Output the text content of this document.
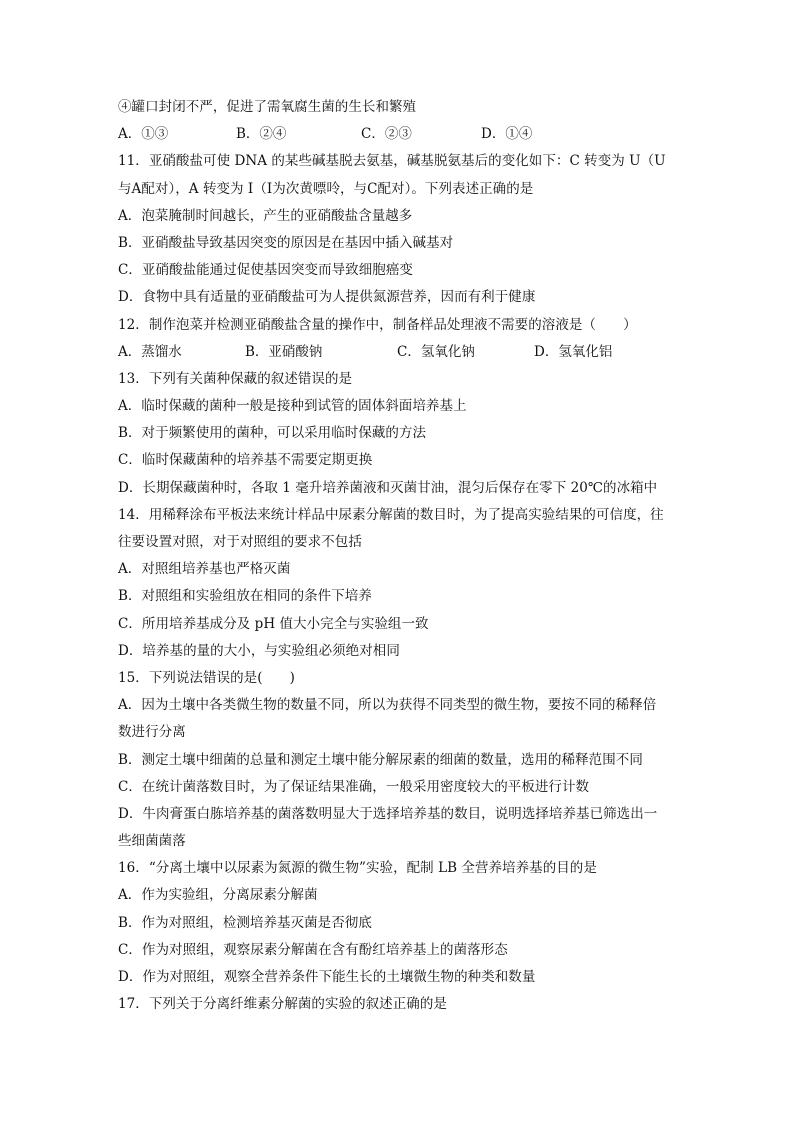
④罐口封闭不严，促进了需氧腐生菌的生长和繁殖
A．①③	B．②④	C．②③	D．①④
11．亚硝酸盐可使 DNA 的某些碱基脱去氨基，碱基脱氨基后的变化如下：C 转变为 U（U
与A配对），A 转变为 I（I为次黄嘌呤，与C配对）。下列表述正确的是
A．泡菜腌制时间越长，产生的亚硝酸盐含量越多
B．亚硝酸盐导致基因突变的原因是在基因中插入碱基对
C．亚硝酸盐能通过促使基因突变而导致细胞癌变
D．食物中具有适量的亚硝酸盐可为人提供氮源营养，因而有利于健康
12．制作泡菜并检测亚硝酸盐含量的操作中，制备样品处理液不需要的溶液是（　　）
A．蒸馏水	B．亚硝酸钠	C．氢氧化钠	D．氢氧化铝
13．下列有关菌种保藏的叙述错误的是
A．临时保藏的菌种一般是接种到试管的固体斜面培养基上
B．对于频繁使用的菌种，可以采用临时保藏的方法
C．临时保藏菌种的培养基不需要定期更换
D．长期保藏菌种时，各取 1 毫升培养菌液和灭菌甘油，混匀后保存在零下 20℃的冰箱中
14．用稀释涂布平板法来统计样品中尿素分解菌的数目时，为了提高实验结果的可信度，往
往要设置对照，对于对照组的要求不包括
A．对照组培养基也严格灭菌
B．对照组和实验组放在相同的条件下培养
C．所用培养基成分及 pH 值大小完全与实验组一致
D．培养基的量的大小，与实验组必须绝对相同
15．下列说法错误的是(　　)
A．因为土壤中各类微生物的数量不同，所以为获得不同类型的微生物，要按不同的稀释倍
数进行分离
B．测定土壤中细菌的总量和测定土壤中能分解尿素的细菌的数量，选用的稀释范围不同
C．在统计菌落数目时，为了保证结果准确，一般采用密度较大的平板进行计数
D．牛肉膏蛋白胨培养基的菌落数明显大于选择培养基的数目，说明选择培养基已筛选出一
些细菌菌落
16．“分离土壤中以尿素为氮源的微生物”实验，配制 LB 全营养培养基的目的是
A．作为实验组，分离尿素分解菌
B．作为对照组，检测培养基灭菌是否彻底
C．作为对照组，观察尿素分解菌在含有酚红培养基上的菌落形态
D．作为对照组，观察全营养条件下能生长的土壤微生物的种类和数量
17．下列关于分离纤维素分解菌的实验的叙述正确的是
